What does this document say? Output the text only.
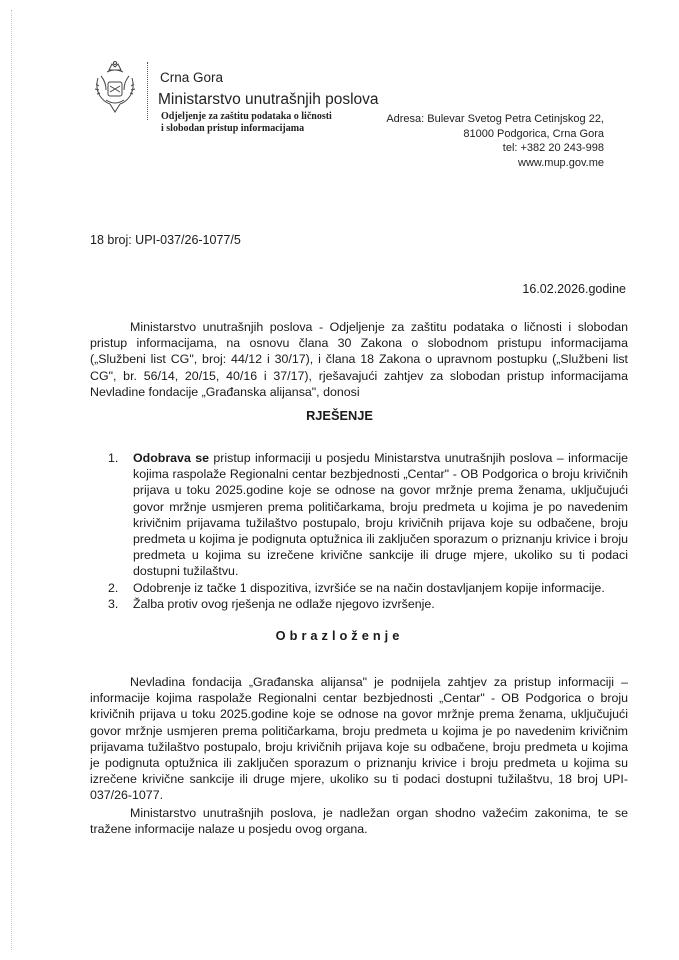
Crna Gora
Ministarstvo unutrašnjih poslova
Odjeljenje za zaštitu podataka o ličnosti
i slobodan pristup informacijama
Adresa: Bulevar Svetog Petra Cetinjskog 22,
81000 Podgorica, Crna Gora
tel: +382 20 243-998
www.mup.gov.me
18 broj: UPI-037/26-1077/5
16.02.2026.godine
Ministarstvo unutrašnjih poslova - Odjeljenje za zaštitu podataka o ličnosti i slobodan pristup informacijama, na osnovu člana 30 Zakona o slobodnom pristupu informacijama („Službeni list CG", broj: 44/12 i 30/17), i člana 18 Zakona o upravnom postupku („Službeni list CG", br. 56/14, 20/15, 40/16 i 37/17), rješavajući zahtjev za slobodan pristup informacijama Nevladine fondacije „Građanska alijansa", donosi
RJEŠENJE
1. Odobrava se pristup informaciji u posjedu Ministarstva unutrašnjih poslova – informacije kojima raspolaže Regionalni centar bezbjednosti „Centar" - OB Podgorica o broju krivičnih prijava u toku 2025.godine koje se odnose na govor mržnje prema ženama, uključujući govor mržnje usmjeren prema političarkama, broju predmeta u kojima je po navedenim krivičnim prijavama tužilaštvo postupalo, broju krivičnih prijava koje su odbačene, broju predmeta u kojima je podignuta optužnica ili zaključen sporazum o priznanju krivice i broju predmeta u kojima su izrečene krivične sankcije ili druge mjere, ukoliko su ti podaci dostupni tužilaštvu.
2. Odobrenje iz tačke 1 dispozitiva, izvršiće se na način dostavljanjem kopije informacije.
3. Žalba protiv ovog rješenja ne odlaže njegovo izvršenje.
Obrazloženje
Nevladina fondacija „Građanska alijansa" je podnijela zahtjev za pristup informaciji – informacije kojima raspolaže Regionalni centar bezbjednosti „Centar" - OB Podgorica o broju krivičnih prijava u toku 2025.godine koje se odnose na govor mržnje prema ženama, uključujući govor mržnje usmjeren prema političarkama, broju predmeta u kojima je po navedenim krivičnim prijavama tužilaštvo postupalo, broju krivičnih prijava koje su odbačene, broju predmeta u kojima je podignuta optužnica ili zaključen sporazum o priznanju krivice i broju predmeta u kojima su izrečene krivične sankcije ili druge mjere, ukoliko su ti podaci dostupni tužilaštvu, 18 broj UPI-037/26-1077.
Ministarstvo unutrašnjih poslova, je nadležan organ shodno važećim zakonima, te se tražene informacije nalaze u posjedu ovog organa.
